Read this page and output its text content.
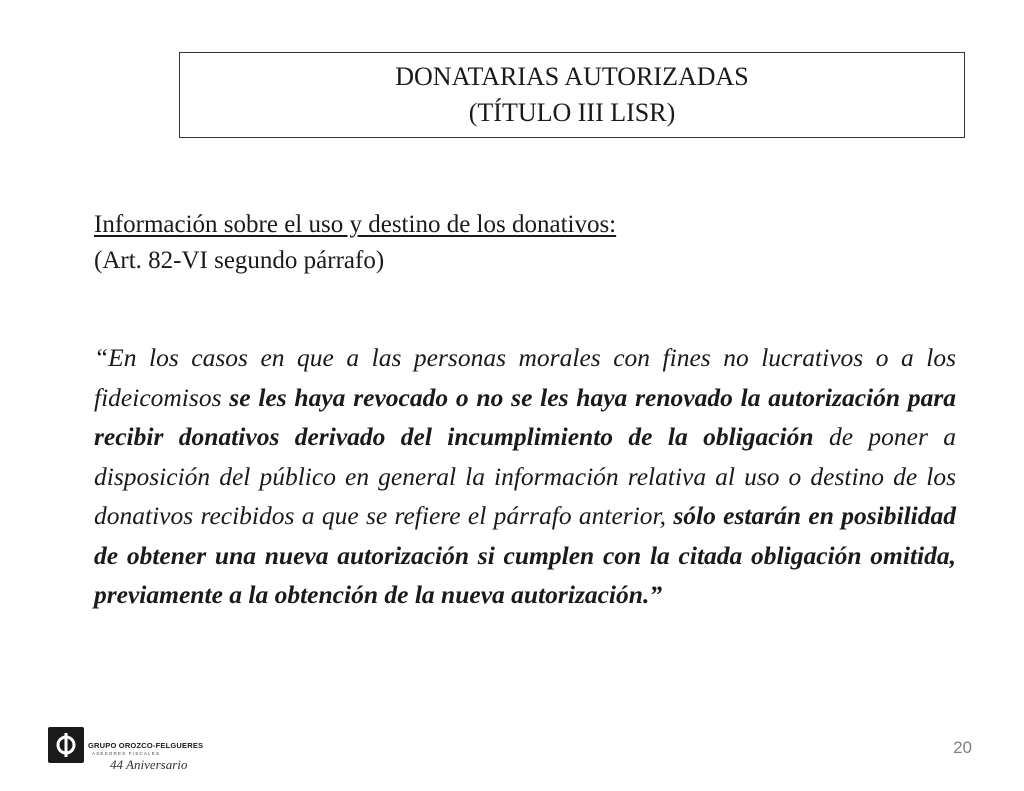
DONATARIAS AUTORIZADAS
(TÍTULO III LISR)
Información sobre el uso y destino de los donativos:
(Art. 82-VI segundo párrafo)
“En los casos en que a las personas morales con fines no lucrativos o a los fideicomisos se les haya revocado o no se les haya renovado la autorización para recibir donativos derivado del incumplimiento de la obligación de poner a disposición del público en general la información relativa al uso o destino de los donativos recibidos a que se refiere el párrafo anterior, sólo estarán en posibilidad de obtener una nueva autorización si cumplen con la citada obligación omitida, previamente a la obtención de la nueva autorización.”
GRUPO OROZCO-FELGUERES
ASESORES FISCALES
44 Aniversario
20
